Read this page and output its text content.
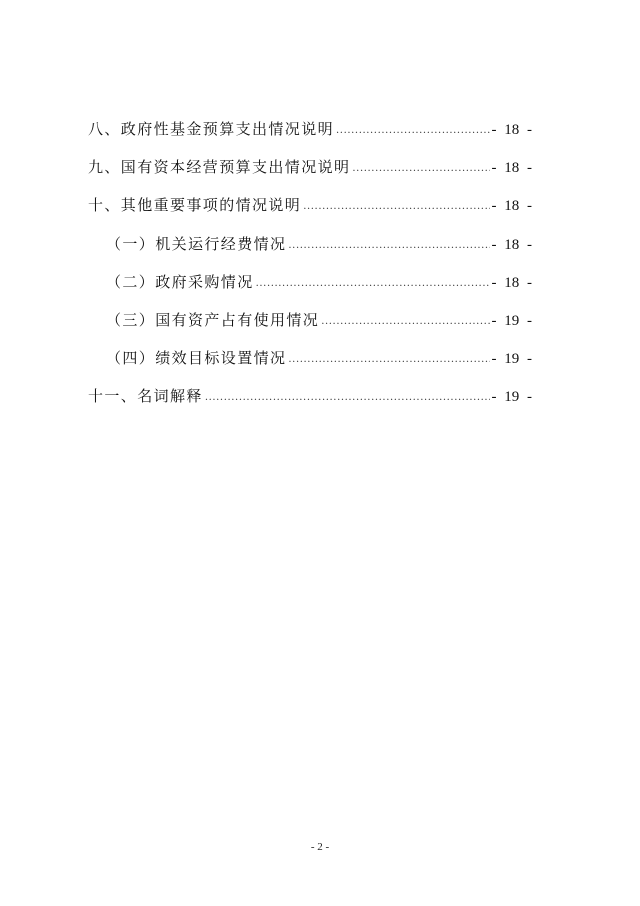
八、政府性基金预算支出情况说明 .....	- 18 -
九、国有资本经营预算支出情况说明 .....	- 18 -
十、其他重要事项的情况说明 .....	- 18 -
（一）机关运行经费情况 .....	- 18 -
（二）政府采购情况 .....	- 18 -
（三）国有资产占有使用情况 .....	- 19 -
（四）绩效目标设置情况 .....	- 19 -
十一、名词解释 .....	- 19 -
- 2 -
